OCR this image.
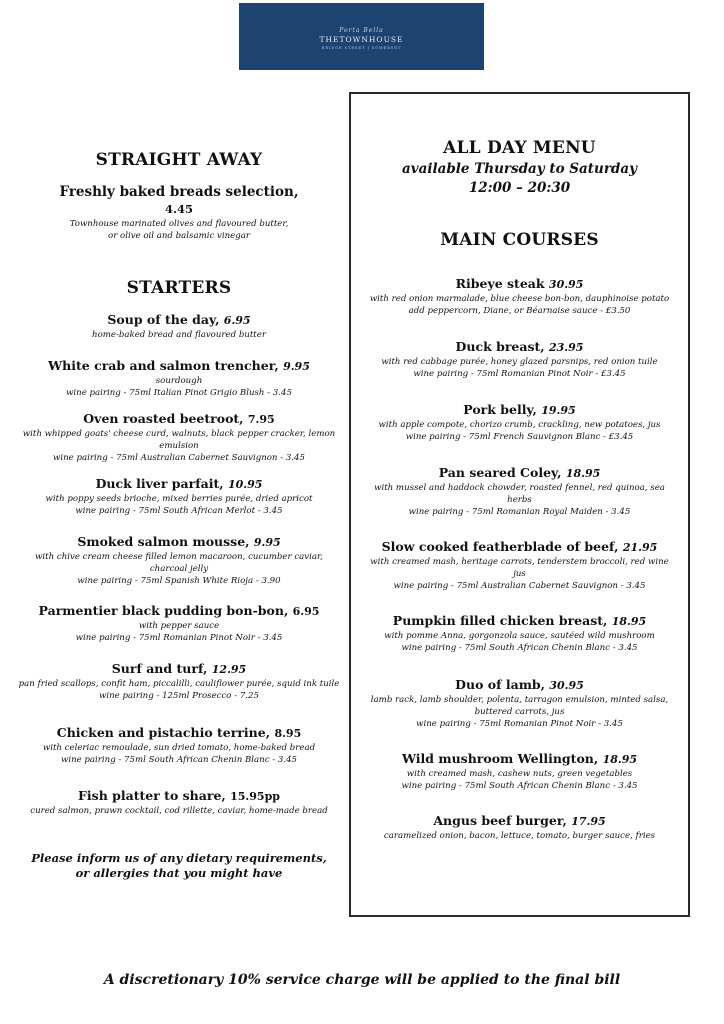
Porta Bella
THETOWNHOUSE
BRIDGE STREET | SOMERSET
STRAIGHT AWAY
Freshly baked breads selection,
4.45
Townhouse marinated olives and flavoured butter,
or olive oil and balsamic vinegar
STARTERS
Soup of the day, 6.95
home-baked bread and flavoured butter
White crab and salmon trencher, 9.95
sourdough
wine pairing - 75ml Italian Pinot Grigio Blush - 3.45
Oven roasted beetroot, 7.95
with whipped goats' cheese curd, walnuts, black pepper cracker, lemon
emulsion
wine pairing - 75ml Australian Cabernet Sauvignon - 3.45
Duck liver parfait, 10.95
with poppy seeds brioche, mixed berries purée, dried apricot
wine pairing - 75ml South African Merlot - 3.45
Smoked salmon mousse, 9.95
with chive cream cheese filled lemon macaroon, cucumber caviar,
charcoal jelly
wine pairing - 75ml Spanish White Rioja - 3.90
Parmentier black pudding bon-bon, 6.95
with pepper sauce
wine pairing - 75ml Romanian Pinot Noir - 3.45
Surf and turf, 12.95
pan fried scallops, confit ham, piccalilli, cauliflower purée, squid ink tuile
wine pairing - 125ml Prosecco - 7.25
Chicken and pistachio terrine, 8.95
with celeriac remoulade, sun dried tomato, home-baked bread
wine pairing - 75ml South African Chenin Blanc - 3.45
Fish platter to share, 15.95pp
cured salmon, prawn cocktail, cod rillette, caviar, home-made bread
Please inform us of any dietary requirements, or allergies that you might have
ALL DAY MENU
available Thursday to Saturday
12:00 – 20:30
MAIN COURSES
Ribeye steak 30.95
with red onion marmalade, blue cheese bon-bon, dauphinoise potato
add peppercorn, Diane, or Béarnaise sauce - £3.50
Duck breast, 23.95
with red cabbage purée, honey glazed parsnips, red onion tuile
wine pairing - 75ml Romanian Pinot Noir - £3.45
Pork belly, 19.95
with apple compote, chorizo crumb, crackling, new potatoes, jus
wine pairing - 75ml French Sauvignon Blanc - £3.45
Pan seared Coley, 18.95
with mussel and haddock chowder, roasted fennel, red quinoa, sea
herbs
wine pairing - 75ml Romanian Royal Maiden - 3.45
Slow cooked featherblade of beef, 21.95
with creamed mash, heritage carrots, tenderstem broccoli, red wine
jus
wine pairing - 75ml Australian Cabernet Sauvignon - 3.45
Pumpkin filled chicken breast, 18.95
with pomme Anna, gorgonzola sauce, sautéed wild mushroom
wine pairing - 75ml South African Chenin Blanc - 3.45
Duo of lamb, 30.95
lamb rack, lamb shoulder, polenta, tarragon emulsion, minted salsa,
buttered carrots, jus
wine pairing - 75ml Romanian Pinot Noir - 3.45
Wild mushroom Wellington, 18.95
with creamed mash, cashew nuts, green vegetables
wine pairing - 75ml South African Chenin Blanc - 3.45
Angus beef burger, 17.95
caramelized onion, bacon, lettuce, tomato, burger sauce, fries
A discretionary 10% service charge will be applied to the final bill
